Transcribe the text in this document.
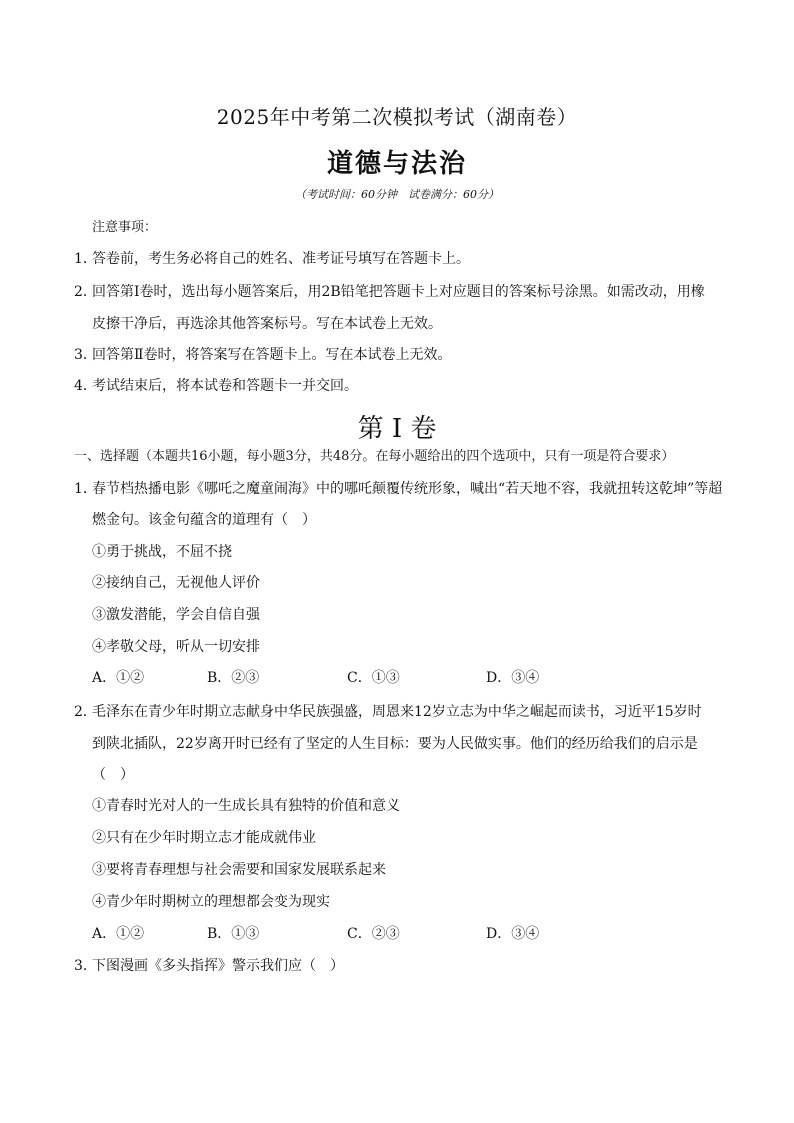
2025年中考第二次模拟考试（湖南卷）
道德与法治
（考试时间：60分钟　试卷满分：60分）
注意事项：
1．答卷前，考生务必将自己的姓名、准考证号填写在答题卡上。
2．回答第Ⅰ卷时，选出每小题答案后，用2B铅笔把答题卡上对应题目的答案标号涂黑。如需改动，用橡
皮擦干净后，再选涂其他答案标号。写在本试卷上无效。
3．回答第Ⅱ卷时，将答案写在答题卡上。写在本试卷上无效。
4．考试结束后，将本试卷和答题卡一并交回。
第 I 卷
一、选择题（本题共16小题，每小题3分，共48分。在每小题给出的四个选项中，只有一项是符合要求）
1．春节档热播电影《哪吒之魔童闹海》中的哪吒颠覆传统形象，喊出“若天地不容，我就扭转这乾坤”等超
燃金句。该金句蕴含的道理有（　）
①勇于挑战，不屈不挠
②接纳自己，无视他人评价
③激发潜能，学会自信自强
④孝敬父母，听从一切安排
A．①②	B．②③	C．①③	D．③④
2．毛泽东在青少年时期立志献身中华民族强盛，周恩来12岁立志为中华之崛起而读书，习近平15岁时
到陕北插队，22岁离开时已经有了坚定的人生目标：要为人民做实事。他们的经历给我们的启示是
（　）
①青春时光对人的一生成长具有独特的价值和意义
②只有在少年时期立志才能成就伟业
③要将青春理想与社会需要和国家发展联系起来
④青少年时期树立的理想都会变为现实
A．①②	B．①③	C．②③	D．③④
3．下图漫画《多头指挥》警示我们应（　）
